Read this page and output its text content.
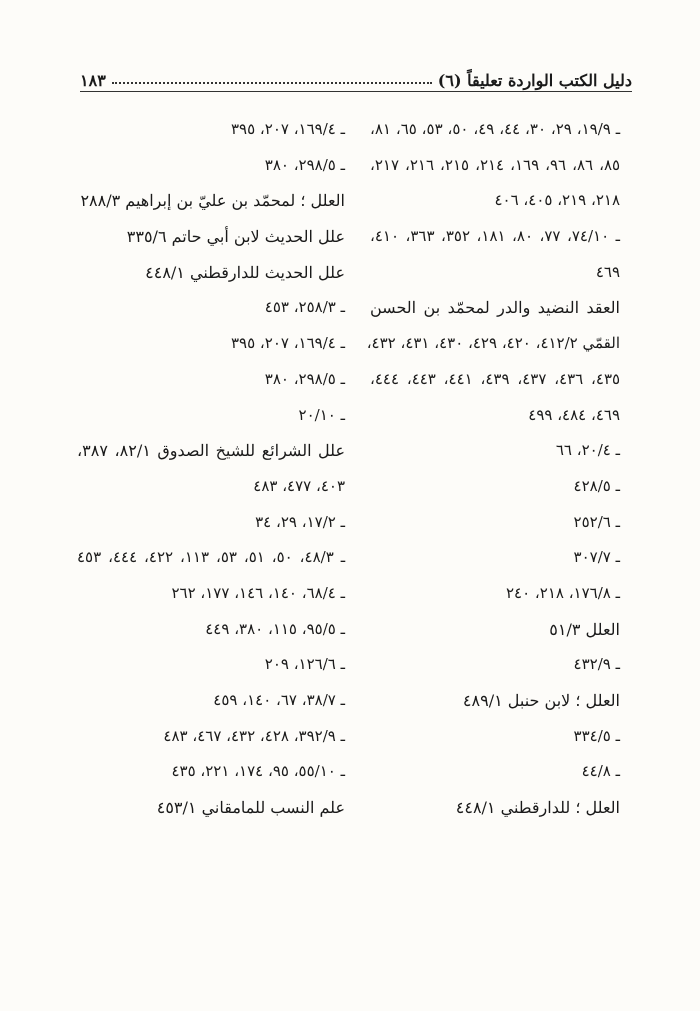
دليل الكتب الواردة تعليقاً (٦)
١٨٣
ـ ١٩/٩، ٢٩، ٣٠، ٤٤، ٤٩، ٥٠، ٥٣، ٦٥، ٨١،
٨٥، ٨٦، ٩٦، ١٦٩، ٢١٤، ٢١٥، ٢١٦، ٢١٧،
٢١٨، ٢١٩، ٤٠٥، ٤٠٦
ـ ٧٤/١٠، ٧٧، ٨٠، ١٨١، ٣٥٢، ٣٦٣، ٤١٠،
٤٦٩
العقد النضيد والدر لمحمّد بن الحسن
القمّي ٤١٢/٢، ٤٢٠، ٤٢٩، ٤٣٠، ٤٣١، ٤٣٢،
٤٣٥، ٤٣٦، ٤٣٧، ٤٣٩، ٤٤١، ٤٤٣، ٤٤٤،
٤٦٩، ٤٨٤، ٤٩٩
ـ ٢٠/٤، ٦٦
ـ ٤٢٨/٥
ـ ٢٥٢/٦
ـ ٣٠٧/٧
ـ ١٧٦/٨، ٢١٨، ٢٤٠
العلل ٥١/٣
ـ ٤٣٢/٩
العلل ؛ لابن حنبل ٤٨٩/١
ـ ٣٣٤/٥
ـ ٤٤/٨
العلل ؛ للدارقطني ٤٤٨/١
ـ ١٦٩/٤، ٢٠٧، ٣٩٥
ـ ٢٩٨/٥، ٣٨٠
العلل ؛ لمحمّد بن عليّ بن إبراهيم ٢٨٨/٣
علل الحديث لابن أبي حاتم ٣٣٥/٦
علل الحديث للدارقطني ٤٤٨/١
ـ ٢٥٨/٣، ٤٥٣
ـ ١٦٩/٤، ٢٠٧، ٣٩٥
ـ ٢٩٨/٥، ٣٨٠
ـ ٢٠/١٠
علل الشرائع للشيخ الصدوق ٨٢/١، ٣٨٧،
٤٠٣، ٤٧٧، ٤٨٣
ـ ١٧/٢، ٢٩، ٣٤
ـ ٤٨/٣، ٥٠، ٥١، ٥٣، ١١٣، ٤٢٢، ٤٤٤، ٤٥٣
ـ ٦٨/٤، ١٤٠، ١٤٦، ١٧٧، ٢٦٢
ـ ٩٥/٥، ١١٥، ٣٨٠، ٤٤٩
ـ ١٢٦/٦، ٢٠٩
ـ ٣٨/٧، ٦٧، ١٤٠، ٤٥٩
ـ ٣٩٢/٩، ٤٢٨، ٤٣٢، ٤٦٧، ٤٨٣
ـ ٥٥/١٠، ٩٥، ١٧٤، ٢٢١، ٤٣٥
علم النسب للمامقاني ٤٥٣/١
